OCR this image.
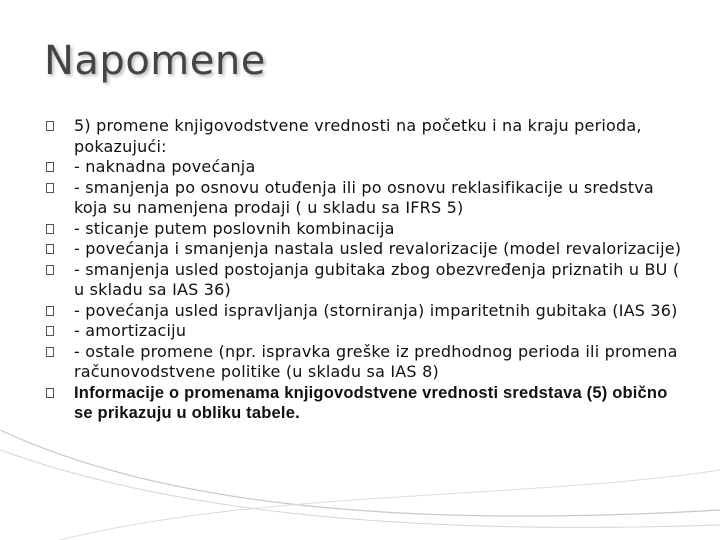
Napomene
5) promene knjigovodstvene vrednosti na početku i na kraju perioda, pokazujući:
- naknadna povećanja
- smanjenja po osnovu otuđenja ili po osnovu reklasifikacije u sredstva koja su namenjena prodaji ( u skladu sa IFRS 5)
- sticanje putem poslovnih kombinacija
- povećanja i smanjenja nastala usled revalorizacije (model revalorizacije)
- smanjenja usled postojanja gubitaka zbog obezvređenja priznatih u BU ( u skladu sa IAS 36)
- povećanja usled ispravljanja (storniranja) imparitetnih gubitaka (IAS 36)
- amortizaciju
- ostale promene (npr. ispravka greške iz predhodnog perioda ili promena računovodstvene politike (u skladu sa IAS 8)
Informacije o promenama knjigovodstvene vrednosti sredstava (5) obično se prikazuju u obliku tabele.
